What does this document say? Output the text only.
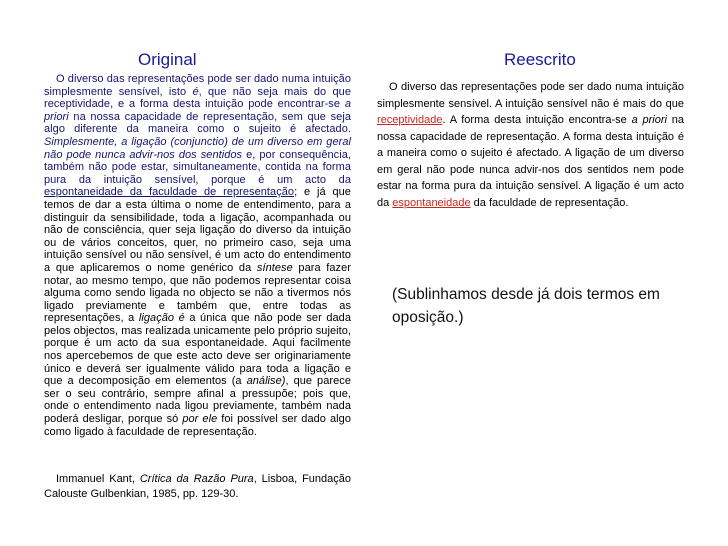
Original	Reescrito
O diverso das representações pode ser dado numa intuição simplesmente sensível, isto é, que não seja mais do que receptividade, e a forma desta intuição pode encontrar-se a priori na nossa capacidade de representação, sem que seja algo diferente da maneira como o sujeito é afectado. Simplesmente, a ligação (conjunctio) de um diverso em geral não pode nunca advir-nos dos sentidos e, por consequência, também não pode estar, simultaneamente, contida na forma pura da intuição sensível, porque é um acto da espontaneidade da faculdade de representação; e já que temos de dar a esta última o nome de entendimento, para a distinguir da sensibilidade, toda a ligação, acompanhada ou não de consciência, quer seja ligação do diverso da intuição ou de vários conceitos, quer, no primeiro caso, seja uma intuição sensível ou não sensível, é um acto do entendimento a que aplicaremos o nome genérico da síntese para fazer notar, ao mesmo tempo, que não podemos representar coisa alguma como sendo ligada no objecto se não a tivermos nós ligado previamente e também que, entre todas as representações, a ligação é a única que não pode ser dada pelos objectos, mas realizada unicamente pelo próprio sujeito, porque é um acto da sua espontaneidade. Aqui facilmente nos apercebemos de que este acto deve ser originariamente único e deverá ser igualmente válido para toda a ligação e que a decomposição em elementos (a análise), que parece ser o seu contrário, sempre afinal a pressupõe; pois que, onde o entendimento nada ligou previamente, também nada poderá desligar, porque só por ele foi possível ser dado algo como ligado à faculdade de representação.
Immanuel Kant, Crítica da Razão Pura, Lisboa, Fundação Calouste Gulbenkian, 1985, pp. 129-30.
O diverso das representações pode ser dado numa intuição simplesmente sensível. A intuição sensível não é mais do que receptividade. A forma desta intuição encontra-se a priori na nossa capacidade de representação. A forma desta intuição é a maneira como o sujeito é afectado. A ligação de um diverso em geral não pode nunca advir-nos dos sentidos nem pode estar na forma pura da intuição sensível. A ligação é um acto da espontaneidade da faculdade de representação.
(Sublinhamos desde já dois termos em oposição.)
